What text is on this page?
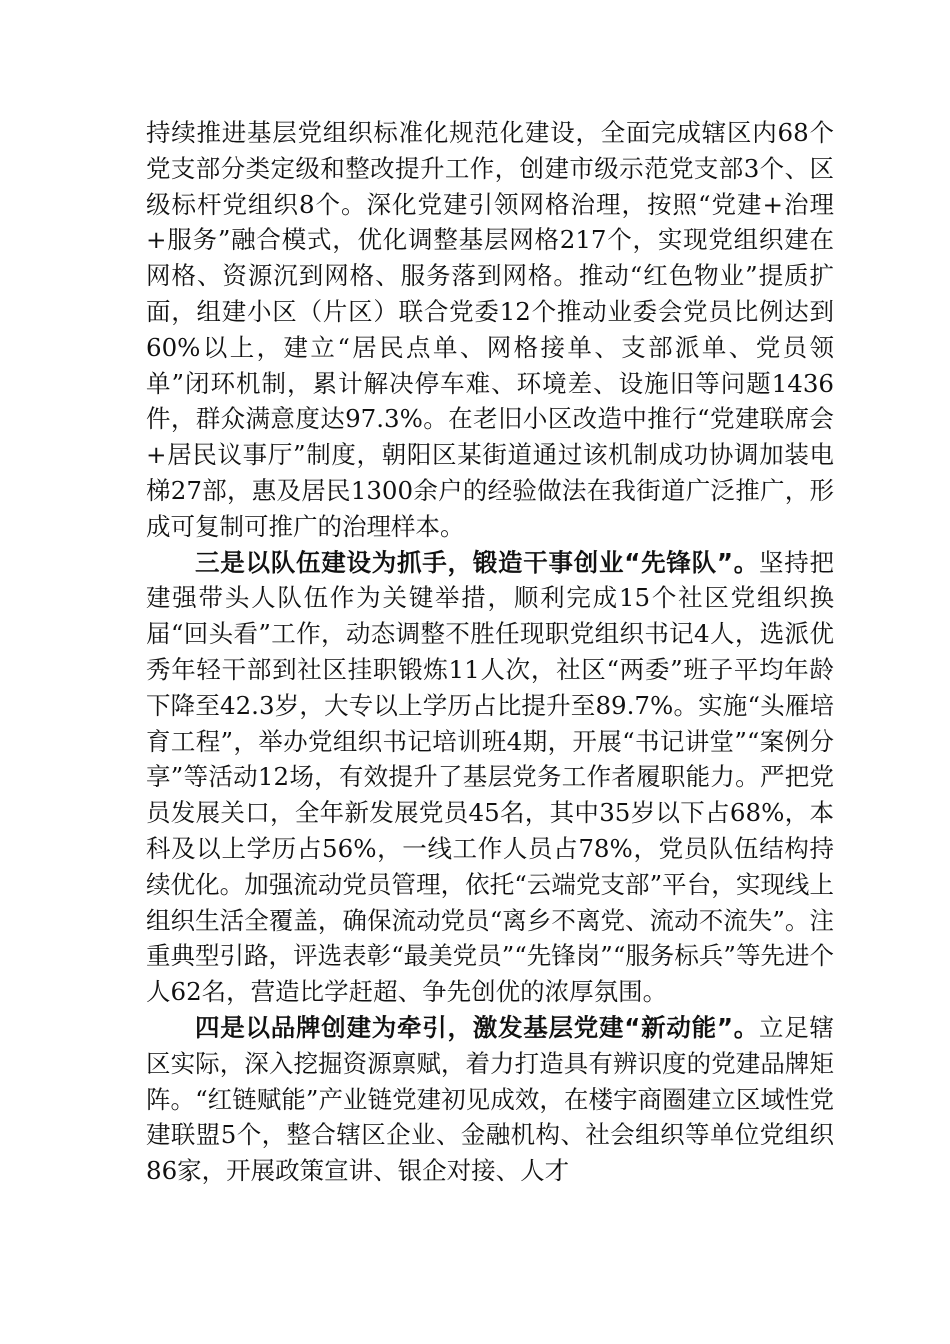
持续推进基层党组织标准化规范化建设，全面完成辖区内68个党支部分类定级和整改提升工作，创建市级示范党支部3个、区级标杆党组织8个。深化党建引领网格治理，按照“党建+治理+服务”融合模式，优化调整基层网格217个，实现党组织建在网格、资源沉到网格、服务落到网格。推动“红色物业”提质扩面，组建小区（片区）联合党委12个推动业委会党员比例达到60%以上，建立“居民点单、网格接单、支部派单、党员领单”闭环机制，累计解决停车难、环境差、设施旧等问题1436件，群众满意度达97.3%。在老旧小区改造中推行“党建联席会+居民议事厅”制度，朝阳区某街道通过该机制成功协调加装电梯27部，惠及居民1300余户的经验做法在我街道广泛推广，形成可复制可推广的治理样本。

三是以队伍建设为抓手，锻造干事创业“先锋队”。坚持把建强带头人队伍作为关键举措，顺利完成15个社区党组织换届“回头看”工作，动态调整不胜任现职党组织书记4人，选派优秀年轻干部到社区挂职锻炼11人次，社区“两委”班子平均年龄下降至42.3岁，大专以上学历占比提升至89.7%。实施“头雁培育工程”，举办党组织书记培训班4期，开展“书记讲堂”“案例分享”等活动12场，有效提升了基层党务工作者履职能力。严把党员发展关口，全年新发展党员45名，其中35岁以下占68%，本科及以上学历占56%，一线工作人员占78%，党员队伍结构持续优化。加强流动党员管理，依托“云端党支部”平台，实现线上组织生活全覆盖，确保流动党员“离乡不离党、流动不流失”。注重典型引路，评选表彰“最美党员”“先锋岗”“服务标兵”等先进个人62名，营造比学赶超、争先创优的浓厚氛围。

四是以品牌创建为牵引，激发基层党建“新动能”。立足辖区实际，深入挖掘资源禀赋，着力打造具有辨识度的党建品牌矩阵。“红链赋能”产业链党建初见成效，在楼宇商圈建立区域性党建联盟5个，整合辖区企业、金融机构、社会组织等单位党组织86家，开展政策宣讲、银企对接、人才
